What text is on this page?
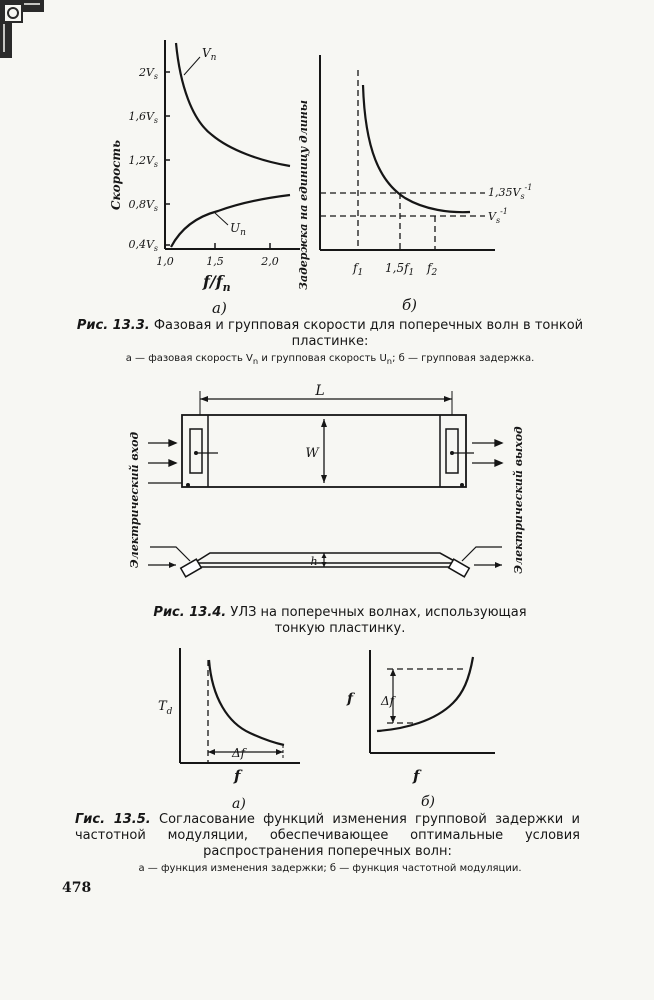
$2V_s$
$1,6V_s$
$1,2V_s$
$0,8V_s$
$0,4V_s$
1,0	1,5	2,0
Скорость
$f/f_n$
$V_n$
$U_n$
а)
Задержка на единицу длины	$1,35V_s^{-1}$
$V_s^{-1}$
$f_1$ $1,5f_1$ $f_2$
б)
Рис. 13.3. Фазовая и групповая скорости для поперечных волн в тонкой пластинке:
а — фазовая скорость $V_n$ и групповая скорость $U_n$; б — групповая задержка.
L
W
h
Электрический вход	Электрический выход
Рис. 13.4. УЛЗ на поперечных волнах, использующая тонкую пластинку.
$T_d$
Δf
f
а)
f Δf
f
б)
Гис. 13.5. Согласование функций изменения групповой задержки и частотной модуляции, обеспечивающее оптимальные условия распространения поперечных волн:
а — функция изменения задержки; б — функция частотной модуляции.
478
